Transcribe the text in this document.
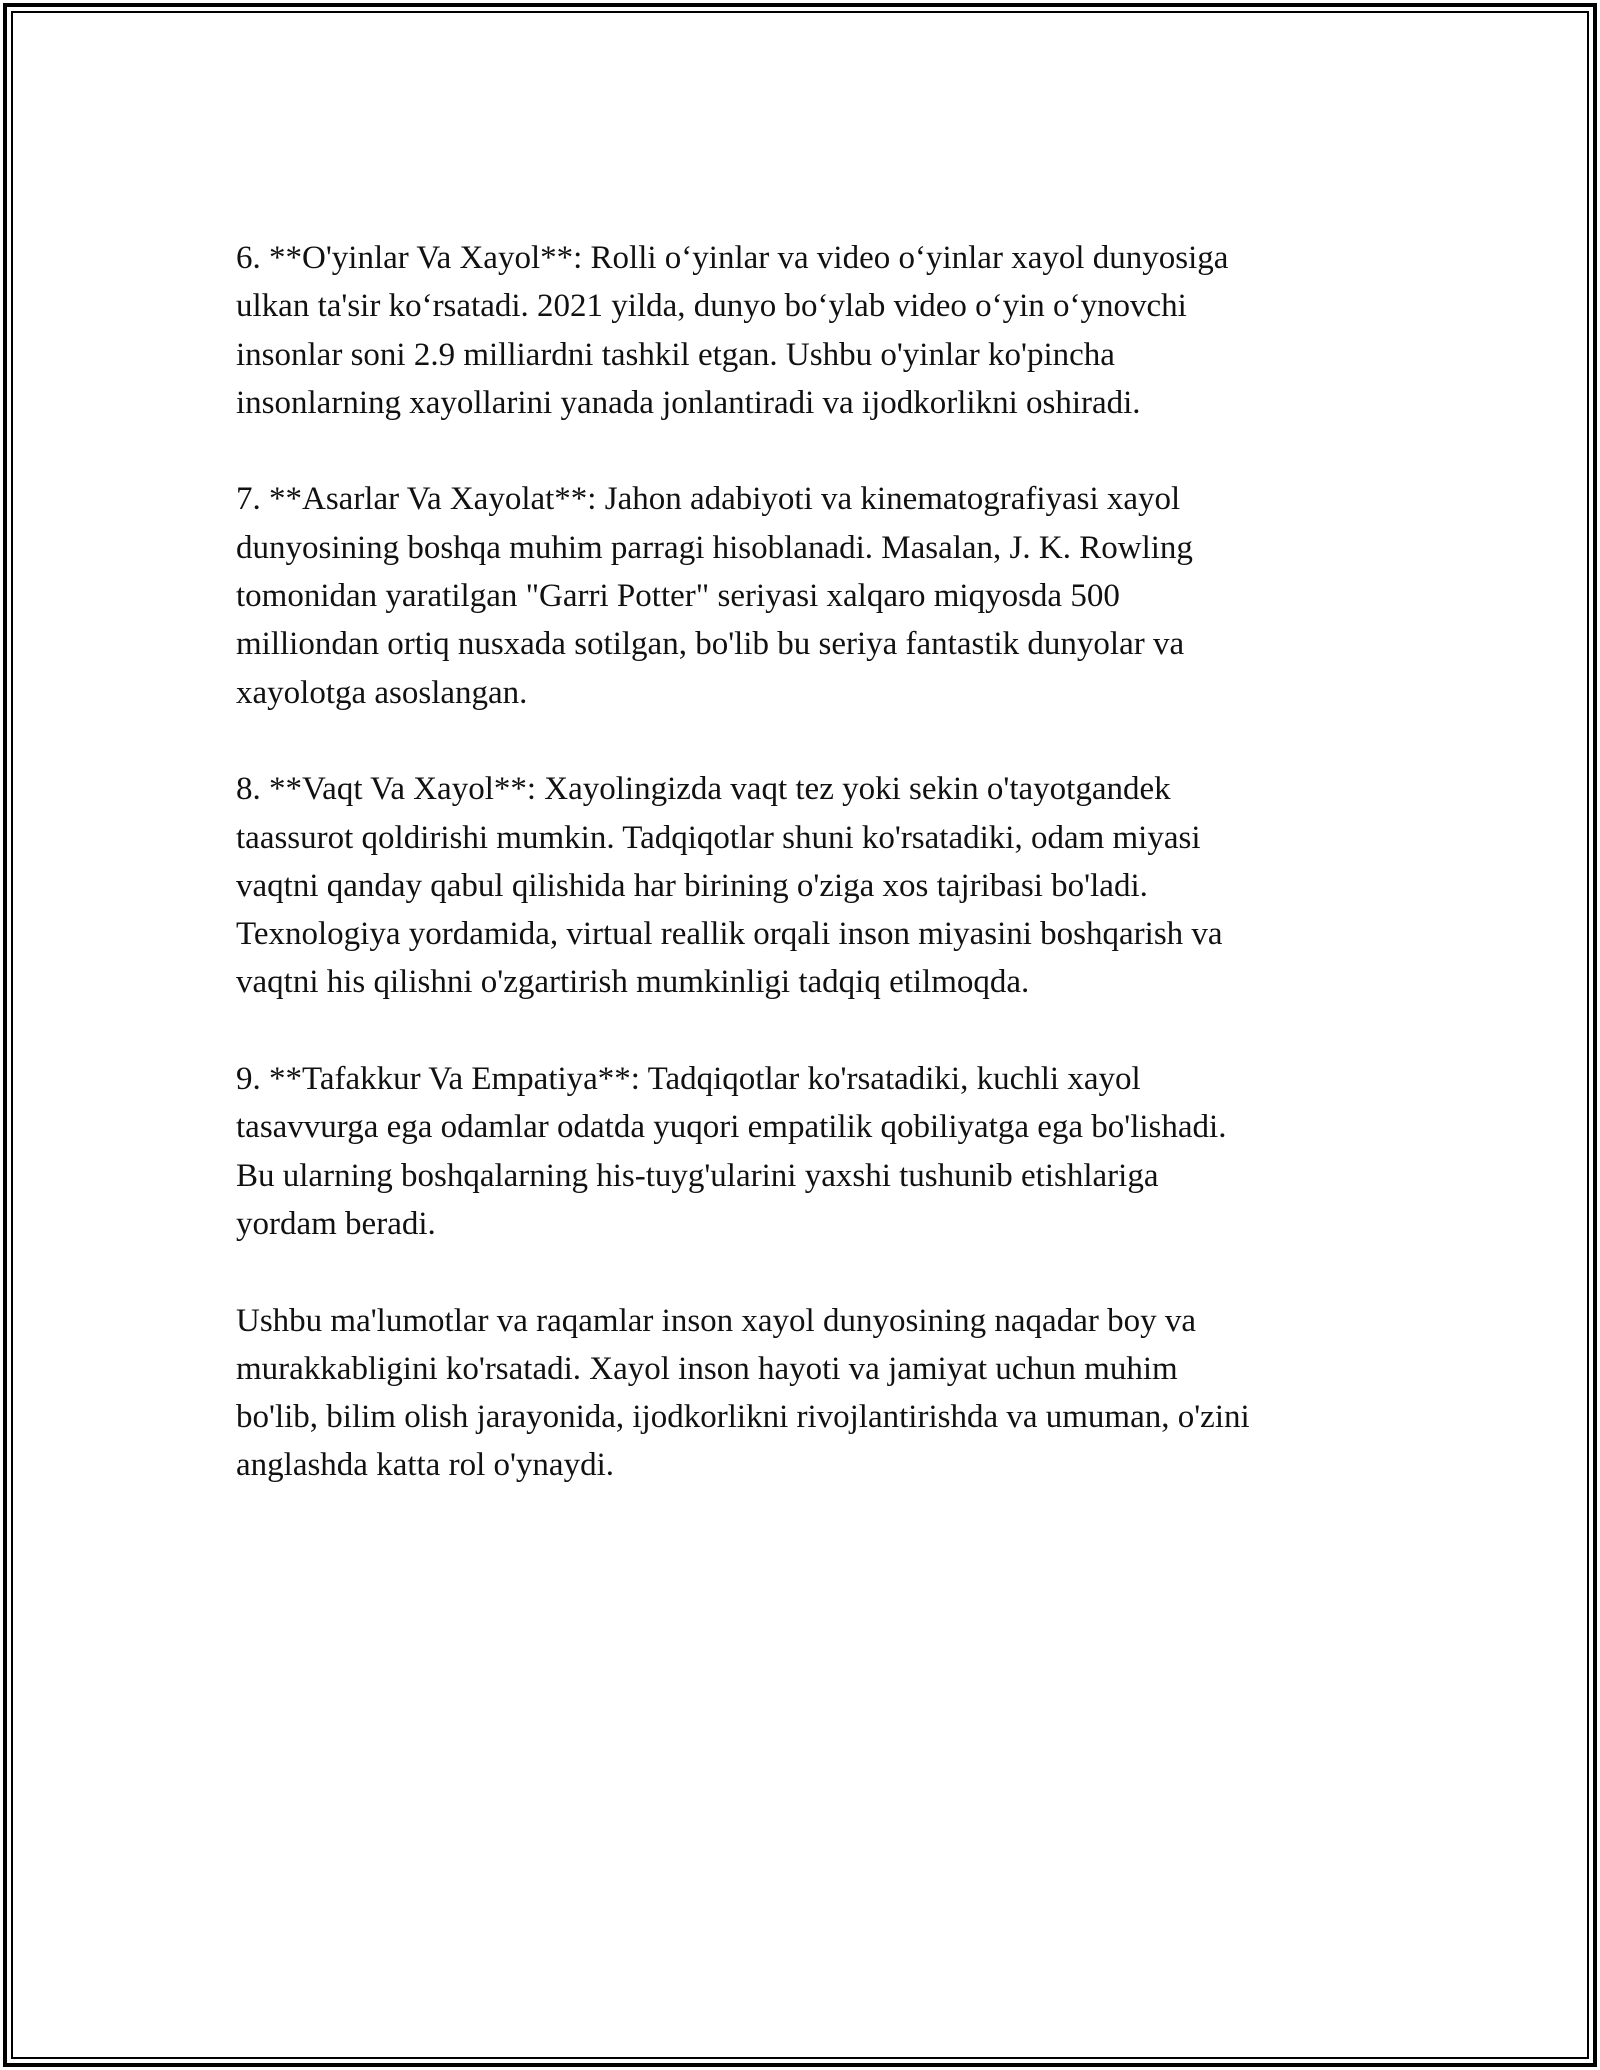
6. **O'yinlar Va Xayol**: Rolli o‘yinlar va video o‘yinlar xayol dunyosiga
ulkan ta'sir ko‘rsatadi. 2021 yilda, dunyo bo‘ylab video o‘yin o‘ynovchi
insonlar soni 2.9 milliardni tashkil etgan. Ushbu o'yinlar ko'pincha
insonlarning xayollarini yanada jonlantiradi va ijodkorlikni oshiradi.

7. **Asarlar Va Xayolat**: Jahon adabiyoti va kinematografiyasi xayol
dunyosining boshqa muhim parragi hisoblanadi. Masalan, J. K. Rowling
tomonidan yaratilgan "Garri Potter" seriyasi xalqaro miqyosda 500
milliondan ortiq nusxada sotilgan, bo'lib bu seriya fantastik dunyolar va
xayolotga asoslangan.

8. **Vaqt Va Xayol**: Xayolingizda vaqt tez yoki sekin o'tayotgandek
taassurot qoldirishi mumkin. Tadqiqotlar shuni ko'rsatadiki, odam miyasi
vaqtni qanday qabul qilishida har birining o'ziga xos tajribasi bo'ladi.
Texnologiya yordamida, virtual reallik orqali inson miyasini boshqarish va
vaqtni his qilishni o'zgartirish mumkinligi tadqiq etilmoqda.

9. **Tafakkur Va Empatiya**: Tadqiqotlar ko'rsatadiki, kuchli xayol
tasavvurga ega odamlar odatda yuqori empatilik qobiliyatga ega bo'lishadi.
Bu ularning boshqalarning his-tuyg'ularini yaxshi tushunib etishlariga
yordam beradi.

Ushbu ma'lumotlar va raqamlar inson xayol dunyosining naqadar boy va
murakkabligini ko'rsatadi. Xayol inson hayoti va jamiyat uchun muhim
bo'lib, bilim olish jarayonida, ijodkorlikni rivojlantirishda va umuman, o'zini
anglashda katta rol o'ynaydi.
